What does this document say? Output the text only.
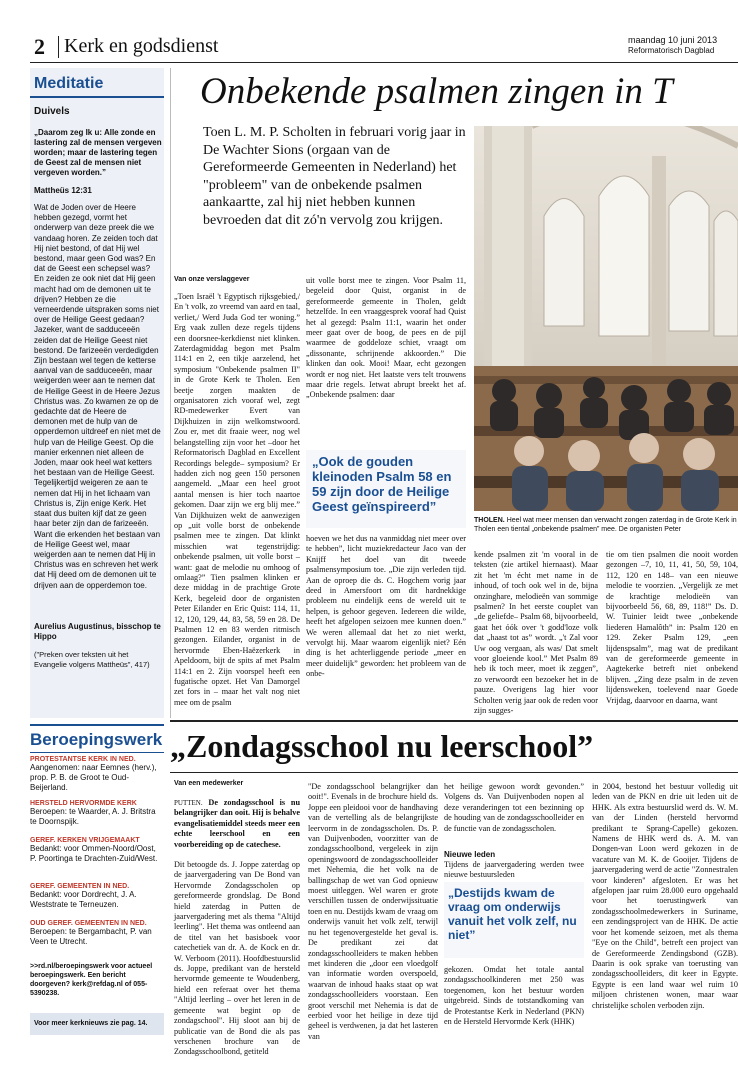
2 Kerk en godsdienst	maandag 10 juni 2013
Reformatorisch Dagblad
Meditatie
Duivels
„Daarom zeg Ik u: Alle zonde en lastering zal de mensen vergeven worden; maar de lastering tegen de Geest zal de mensen niet vergeven worden.”
Mattheüs 12:31
Wat de Joden over de Heere hebben gezegd, vormt het onderwerp van deze preek die we vandaag horen. Ze zeiden toch dat Hij niet bestond, of dat Hij wel bestond, maar geen God was? En dat de Geest een schepsel was? En zeiden ze ook niet dat Hij geen macht had om de demonen uit te drijven? Hebben ze die verneerdende uitspraken soms niet over de Heilige Geest gedaan? Jazeker, want de sadduceeën zeiden dat de Heilige Geest niet bestond. De farizeeën verdedigden Zijn bestaan wel tegen de ketterse aanval van de sadduceeën, maar weigerden weer aan te nemen dat de Heilige Geest in de Heere Jezus Christus was. Zo kwamen ze op de gedachte dat de Heere de demonen met de hulp van de opperdemon uitdreef en niet met de hulp van de Heilige Geest. Op die manier erkennen niet alleen de Joden, maar ook heel wat ketters het bestaan van de Heilige Geest. Tegelijkertijd weigeren ze aan te nemen dat Hij in het lichaam van Christus is, Zijn enige Kerk. Het staat dus buiten kijf dat ze geen haar beter zijn dan de farizeeën. Want die erkenden het bestaan van de Heilige Geest wel, maar weigerden aan te nemen dat Hij in Christus was en schreven het werk dat Hij deed om de demonen uit te drijven aan de opperdemon toe.
Aurelius Augustinus, bisschop te Hippo
("Preken over teksten uit het Evangelie volgens Mattheüs", 417)
Beroepingswerk
PROTESTANTSE KERK IN NED.
Aangenomen: naar Eemnes (herv.), prop. P. B. de Groot te Oud-Beijerland.
HERSTELD HERVORMDE KERK
Beroepen: te Waarder, A. J. Britstra te Doornspijk.
GEREF. KERKEN VRIJGEMAAKT
Bedankt: voor Ommen-Noord/Oost, P. Poortinga te Drachten-Zuid/West.
GEREF. GEMEENTEN IN NED.
Bedankt: voor Dordrecht, J. A. Weststrate te Terneuzen.
OUD GEREF. GEMEENTEN IN NED.
Beroepen: te Bergambacht, P. van Veen te Utrecht.
>>rd.nl/beroepingswerk voor actueel beroepingswerk. Een bericht doorgeven? kerk@refdag.nl of 055-5390238.
Voor meer kerknieuws zie pag. 14.
Onbekende psalmen zingen in T
Toen L. M. P. Scholten in februari vorig jaar in De Wachter Sions (orgaan van de Gereformeerde Gemeenten in Nederland) het "probleem" van de onbekende psalmen aankaartte, zal hij niet hebben kunnen bevroeden dat dit zó'n vervolg zou krijgen.
THOLEN. Heel wat meer mensen dan verwacht zongen zaterdag in de Grote Kerk in Tholen een tiental „onbekende psalmen” mee. De organisten Peter
Van onze verslaggever
„Toen Israël 't Egyptisch rijksgebied,/ En 't volk, zo vreemd van aard en taal, verliet,/ Werd Juda God ter woning.” Erg vaak zullen deze regels tijdens een doorsnee-kerkdienst niet klinken. Zaterdagmiddag begon met Psalm 114:1 en 2, een tikje aarzelend, het symposium "Onbekende psalmen II" in de Grote Kerk te Tholen. Een beetje zorgen maakten de organisatoren zich vooraf wel, zegt RD-medewerker Evert van Dijkhuizen in zijn welkomstwoord. Zou er, met dit fraaie weer, nog wel belangstelling zijn voor het –door het Reformatorisch Dagblad en Excellent Recordings belegde– symposium? Er hadden zich nog geen 150 personen aangemeld. „Maar een heel groot aantal mensen is hier toch naartoe gekomen. Daar zijn we erg blij mee.” Van Dijkhuizen wekt de aanwezigen op „uit volle borst de onbekende psalmen mee te zingen. Dat klinkt misschien wat tegenstrijdig: onbekende psalmen, uit volle borst – want: gaat de melodie nu omhoog of omlaag?” Tien psalmen klinken er deze middag in de prachtige Grote Kerk, begeleid door de organisten Peter Eilander en Eric Quist: 114, 11, 12, 120, 129, 44, 83, 58, 59 en 28. De Psalmen 12 en 83 werden ritmisch gezongen. Eilander, organist in de hervormde Eben-Haëzerkerk in Apeldoorn, bijt de spits af met Psalm 114:1 en 2. Zijn voorspel heeft een fugatische opzet. Het Van Damorgel zet fors in – maar het valt nog niet mee om de psalm
uit volle borst mee te zingen. Voor Psalm 11, begeleid door Quist, organist in de gereformeerde gemeente in Tholen, geldt hetzelfde. In een vraaggesprek vooraf had Quist het al gezegd: Psalm 11:1, waarin het onder meer gaat over de boog, de pees en de pijl waarmee de goddeloze schiet, vraagt om „dissonante, schrijnende akkoorden.” Die klinken dan ook. Mooi! Maar, echt gezongen wordt er nog niet. Het laatste vers telt trouwens maar drie regels. Ietwat abrupt breekt het af. „Onbekende psalmen: daar
„Ook de gouden kleinoden Psalm 58 en 59 zijn door de Heilige Geest geïnspireerd”
hoeven we het dus na vanmiddag niet meer over te hebben”, licht muziekredacteur Jaco van der Knijff het doel van dit tweede psalmensymposium toe. „Die zijn verleden tijd. Aan de oproep die ds. C. Hogchem vorig jaar deed in Amersfoort om dit hardnekkige probleem nu eindelijk eens de wereld uit te helpen, is gehoor gegeven. Iedereen die wilde, heeft het afgelopen seizoen mee kunnen doen.” We weren allemaal dat het zo niet werkt, vervolgt hij. Maar waarom eigenlijk niet? Eén ding is het achterliggende periode „meer en meer duidelijk” geworden: het probleem van de onbe-
kende psalmen zit 'm vooral in de teksten (zie artikel hiernaast). Maar zit het 'm écht met name in de inhoud, of toch ook wel in de, bijna onzinghare, melodieën van sommige psalmen? In het eerste couplet van „de geliefde– Psalm 68, bijvoorbeeld, gaat het óók over 't godd'loze volk dat „haast tot as” wordt. „'t Zal voor Uw oog vergaan, als was/ Dat smelt voor gloeiende kool.” Met Psalm 89 heb ik toch meer, moet ik zeggen”, zo verwoordt een bezoeker het in de pauze. Overigens lag hier voor Scholten verig jaar ook de reden voor zijn sugges-
tie om tien psalmen die nooit worden gezongen –7, 10, 11, 41, 50, 59, 104, 112, 120 en 148– van een nieuwe melodie te voorzien. „Vergelijk ze met de krachtige melodieën van bijvoorbeeld 56, 68, 89, 118!” Ds. D. W. Tuinier leidt twee „onbekende liederen Hamalôth” in: Psalm 120 en 129. Zeker Psalm 129, „een lijdenspsalm”, mag wat de predikant van de gereformeerde gemeente in Aagtekerke betreft niet onbekend blijven. „Zing deze psalm in de zeven lijdensweken, toelevend naar Goede Vrijdag, daarvoor en daarna, want
„Zondagsschool nu leerschool”
Van een medewerker
PUTTEN. De zondagsschool is nu belangrijker dan ooit. Hij is behalve evangelisatiemiddel steeds meer een echte leerschool en een voorbereiding op de catechese.
Dit betoogde ds. J. Joppe zaterdag op de jaarvergadering van De Bond van Hervormde Zondagsscholen op gereformeerde grondslag. De Bond hield zaterdag in Putten de jaarvergadering met als thema "Altijd leerling". Het thema was ontleend aan de titel van het basisboek voor catechetiek van dr. A. de Kock en dr. W. Verboom (2011). Hoofdbestuurslid ds. Joppe, predikant van de hersteld hervormde gemeente te Woudenberg, hield een referaat over het thema "Altijd leerling – over het leren in de gemeente wat begint op de zondagschool". Hij sloot aan bij de publicatie van de Bond die als pas verschenen brochure van de Zondagsschoolbond, getiteld
"De zondagsschool belangrijker dan ooit!". Evenals in de brochure hield ds. Joppe een pleidooi voor de handhaving van de vertelling als de belangrijkste leervorm in de zondagsscholen. Ds. P. van Duijvenboden, voorzitter van de zondagsschoolbond, vergeleek in zijn openingswoord de zondagsschoolleider met Nehemia, die het volk na de ballingschap de wet van God opnieuw moest uitleggen. Wel waren er grote verschillen tussen de onderwijssituatie toen en nu. Destijds kwam de vraag om onderwijs vanuit het volk zelf, terwijl nu het tegenovergestelde het geval is. De predikant zei dat zondagsschoolleiders te maken hebben met kinderen die „door een vloedgolf van informatie worden overspoeld, waarvan de inhoud haaks staat op wat zondagsschoolleiders voorstaan. Een groot verschil met Nehemia is dat de eerbied voor het heilige in deze tijd geheel is verdwenen, ja dat het lasteren van
het heilige gewoon wordt gevonden.” Volgens ds. Van Duijvenboden nopen al deze veranderingen tot een bezinning op de houding van de zondagsschoolleider en de functie van de zondagsscholen.
Nieuwe leden
Tijdens de jaarvergadering werden twee nieuwe bestuursleden
„Destijds kwam de vraag om onderwijs vanuit het volk zelf, nu niet”
gekozen. Omdat het totale aantal zondagsschoolkinderen met 250 was toegenomen, kon het bestuur worden uitgebreid. Sinds de totstandkoming van de Protestantse Kerk in Nederland (PKN) en de Hersteld Hervormde Kerk (HHK)
in 2004, bestond het bestuur volledig uit leden van de PKN en drie uit leden uit de HHK. Als extra bestuurslid werd ds. W. M. van der Linden (hersteld hervormd predikant te Sprang-Capelle) gekozen. Namens de HHK werd ds. A. M. van Dongen-van Loon werd gekozen in de vacature van M. K. de Gooijer. Tijdens de jaarvergadering werd de actie "Zonnestralen voor kinderen" afgesloten. Er was het afgelopen jaar ruim 28.000 euro opgehaald voor het toerustingwerk van zondagsschoolmedewerkers in Suriname, een zendingsproject van de HHK. De actie voor het komende seizoen, met als thema "Eye on the Child", betreft een project van de Gereformeerde Zendingsbond (GZB). Daarin is ook sprake van toerusting van zondagsschoolleiders, dit keer in Egypte. Egypte is een land waar wel ruim 10 miljoen christenen wonen, maar waar christelijke scholen verboden zijn.
